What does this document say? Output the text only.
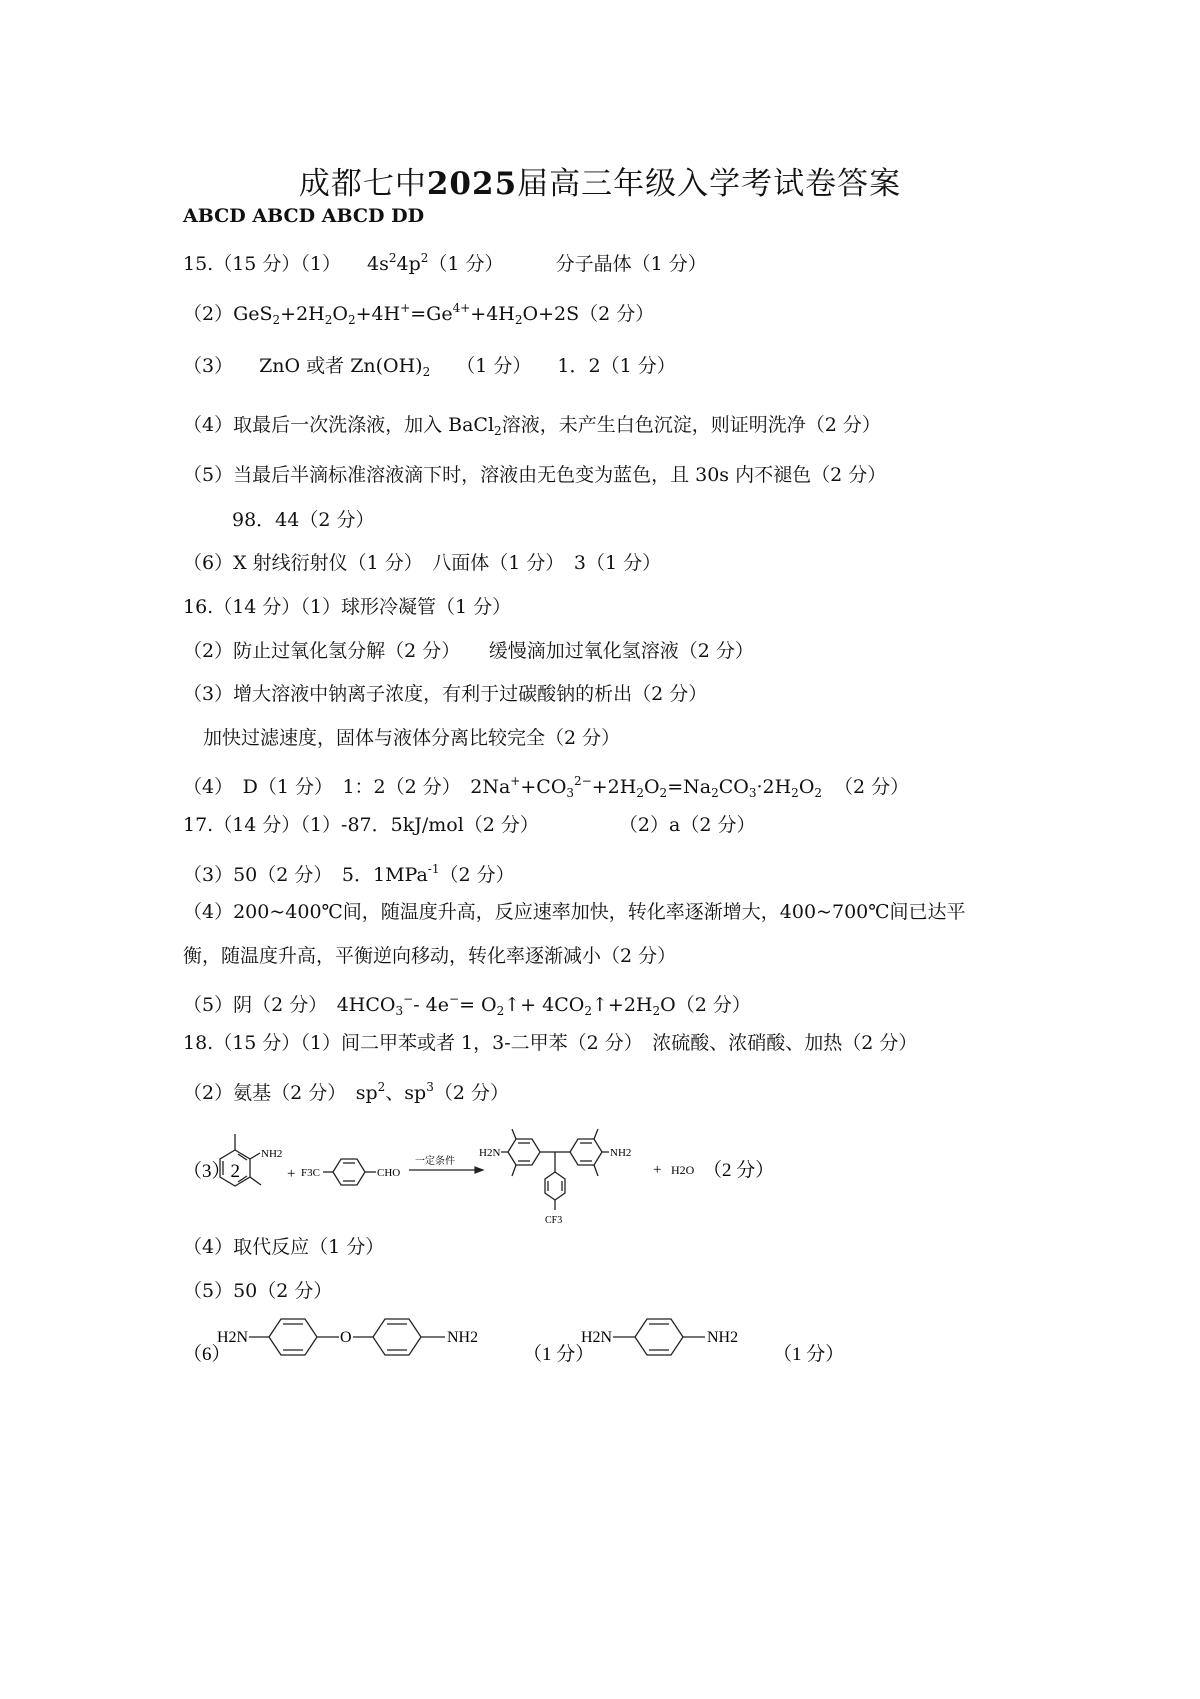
成都七中2025届高三年级入学考试卷答案
ABCD ABCD ABCD DD
15.（15 分）（1） $4s^24p^2(1$ 分）	分子晶体（1 分）
$(2)GeS_2+2H_2O_2+4H^+=Ge^{4+}+4H_2O+2S(2$ 分）
（3） ZnO 或者 $Zn(OH)_2$ （1 分） 1．2（1 分）
（4）取最后一次洗涤液，加入 BaCl$_2$溶液，未产生白色沉淀，则证明洗净（2 分）
（5）当最后半滴标准溶液滴下时，溶液由无色变为蓝色，且 30s 内不褪色（2 分）
98．44（2 分）
（6）X 射线衍射仪（1 分）　八面体（1 分）　3（1 分）
16.（14 分）（1）球形冷凝管（1 分）
（2）防止过氧化氢分解（2 分）　　缓慢滴加过氧化氢溶液（2 分）
（3）增大溶液中钠离子浓度，有利于过碳酸钠的析出（2 分）
加快过滤速度，固体与液体分离比较完全（2 分）
（4）　D（1 分）　1：2（2 分）　$2Na^++CO_3^{2-}+2H_2O_2=Na_2CO_3\cdot 2H_2O_2$ （2 分）
17.（14 分）（1）-87．5kJ/mol（2 分）	（2）a（2 分）
（3）50（2 分）　5．1MPa$^{-1}$（2 分）
（4）200~400℃间，随温度升高，反应速率加快，转化率逐渐增大，400~700℃间已达平
衡，随温度升高，平衡逆向移动，转化率逐渐减小（2 分）
（5）阴（2 分）　$4HCO_3^--$ $4e^-= O_2↑+$ $4CO_2↑+2H_2O(2$ 分）
18.（15 分）（1）间二甲苯或者 1，3-二甲苯（2 分）　浓硫酸、浓硝酸、加热（2 分）
（2）氨基（2 分）　$sp^2$、$sp^3(2$ 分）
（3）2
NH2
+ F3C	CHO
一定条件
H2N	NH2
CF3
+ H2O （2 分）
（4）取代反应（1 分）
（5）50（2 分）
（6）
H2N	O	NH2
（1 分）
H2N	NH2
（1 分）
